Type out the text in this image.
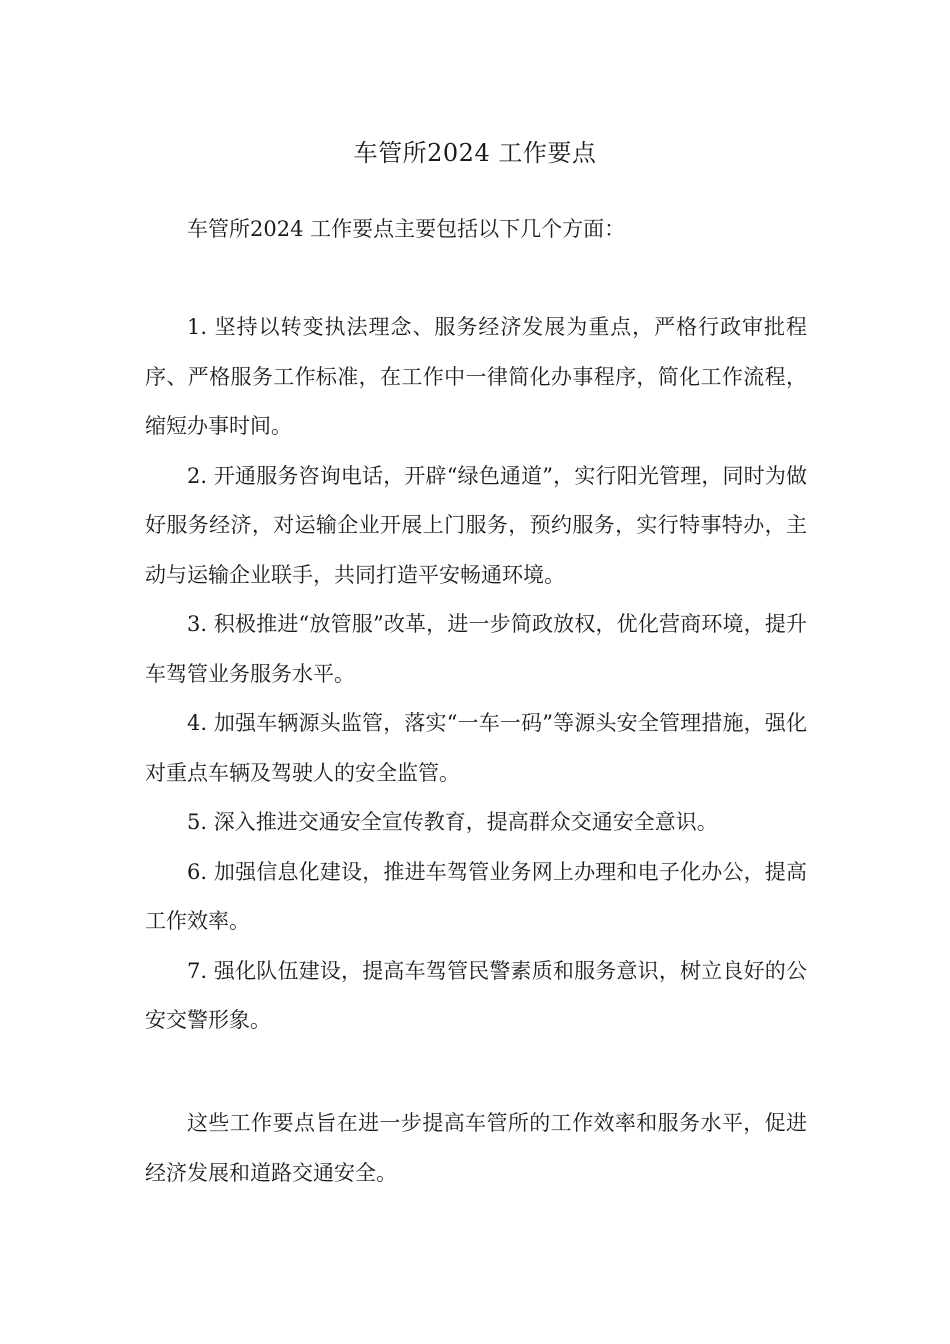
车管所2024 工作要点

车管所2024 工作要点主要包括以下几个方面：

1. 坚持以转变执法理念、服务经济发展为重点，严格行政审批程序、严格服务工作标准，在工作中一律简化办事程序，简化工作流程，缩短办事时间。

2. 开通服务咨询电话，开辟“绿色通道”，实行阳光管理，同时为做好服务经济，对运输企业开展上门服务，预约服务，实行特事特办，主动与运输企业联手，共同打造平安畅通环境。

3. 积极推进“放管服”改革，进一步简政放权，优化营商环境，提升车驾管业务服务水平。

4. 加强车辆源头监管，落实“一车一码”等源头安全管理措施，强化对重点车辆及驾驶人的安全监管。

5. 深入推进交通安全宣传教育，提高群众交通安全意识。

6. 加强信息化建设，推进车驾管业务网上办理和电子化办公，提高工作效率。

7. 强化队伍建设，提高车驾管民警素质和服务意识，树立良好的公安交警形象。

这些工作要点旨在进一步提高车管所的工作效率和服务水平，促进经济发展和道路交通安全。
